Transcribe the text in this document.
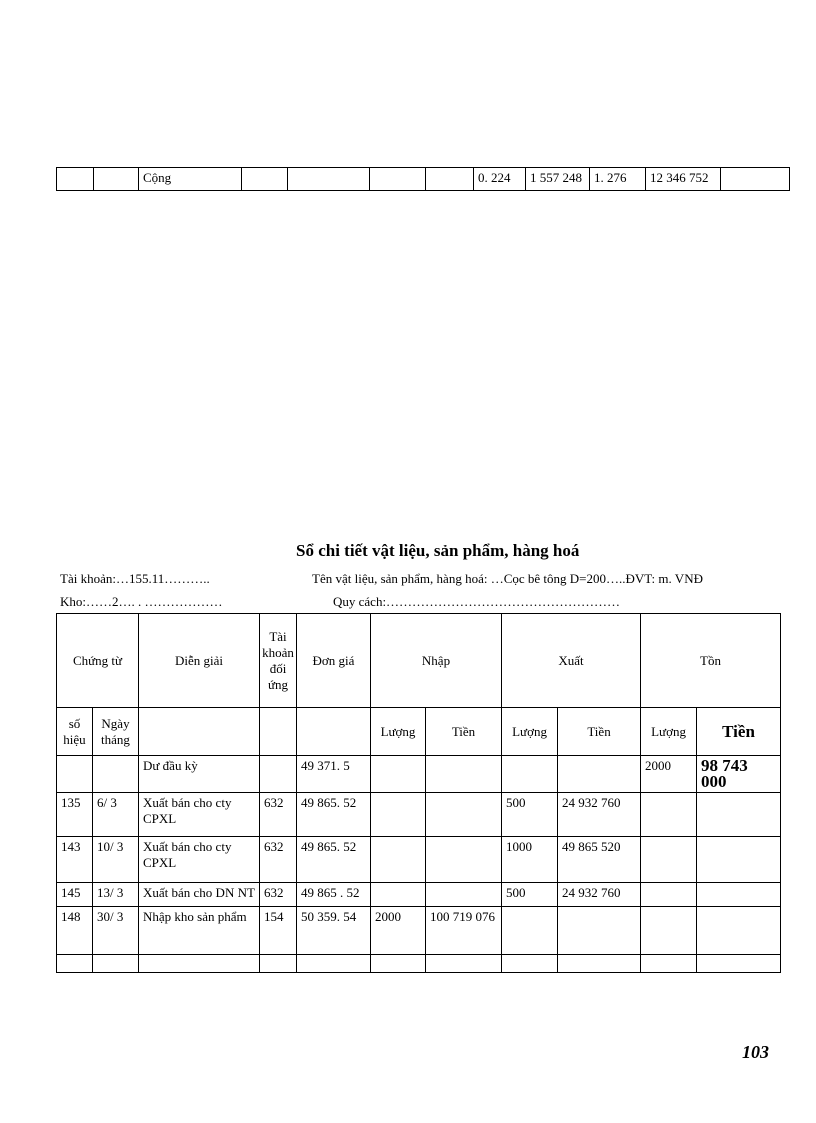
		Cộng					0. 224	1 557 248	1. 276	12 346 752	
Sổ chi tiết vật liệu, sản phẩm, hàng hoá
Tài khoản:…155.11………..	Tên vật liệu, sản phẩm, hàng hoá: …Cọc bê tông D=200…..ĐVT: m. VNĐ
Kho:……2…. . ………………	Quy cách:………………………………………………
Chứng từ		Diễn giải	Tài khoản đối ứng	Đơn giá	Nhập		Xuất		Tồn	
số hiệu	Ngày tháng				Lượng	Tiền	Lượng	Tiền	Lượng	Tiền
		Dư đầu kỳ		49 371. 5					2000	98 743 000
135	6/ 3	Xuất bán cho cty CPXL	632	49 865. 52			500	24 932 760		
143	10/ 3	Xuất bán cho cty CPXL	632	49 865. 52			1000	49 865 520		
145	13/ 3	Xuất bán cho DN NT	632	49 865 . 52			500	24 932 760		
148	30/ 3	Nhập kho sản phẩm	154	50 359. 54	2000	100 719 076				

103
